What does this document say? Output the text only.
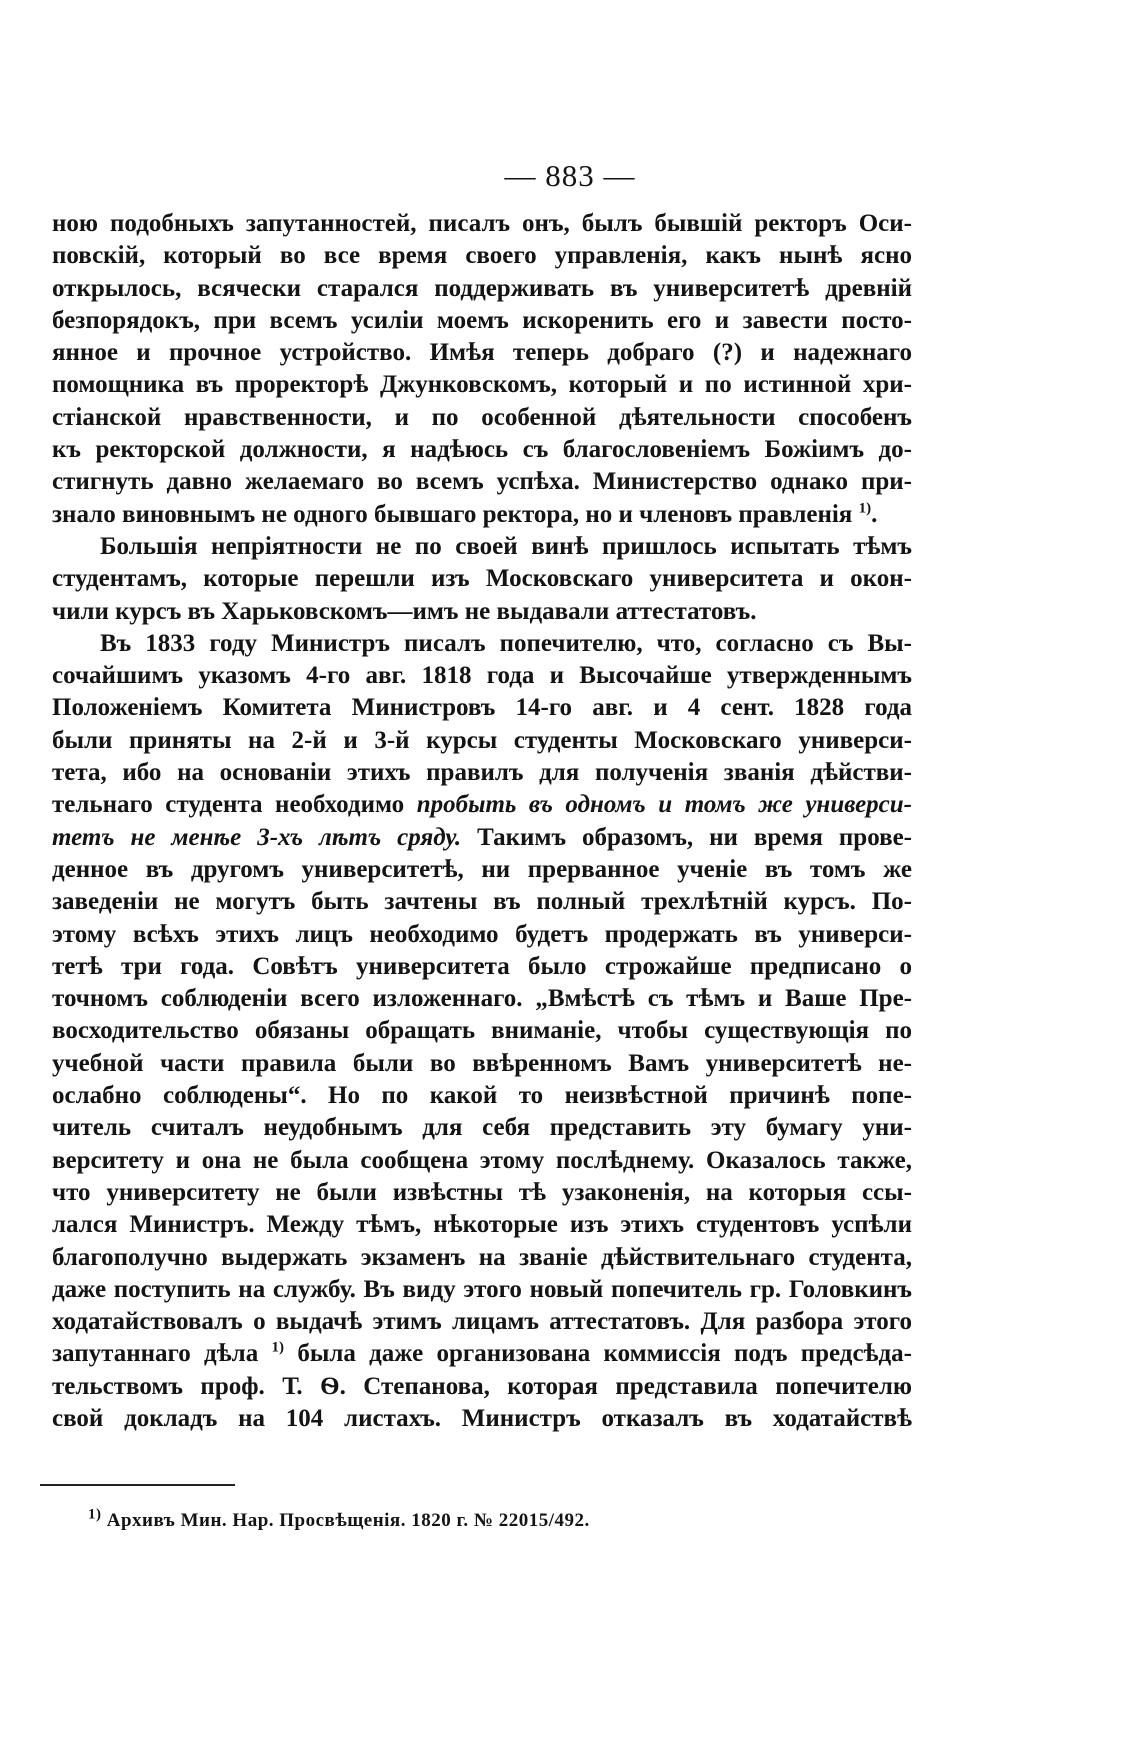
— 883 —
ною подобныхъ запутанностей, писалъ онъ, былъ бывшій ректоръ Оси-
повскій, который во все время своего управленія, какъ нынѣ ясно
открылось, всячески старался поддерживать въ университетѣ древній
безпорядокъ, при всемъ усиліи моемъ искоренить его и завести посто-
янное и прочное устройство. Имѣя теперь добраго (?) и надежнаго
помощника въ проректорѣ Джунковскомъ, который и по истинной хри-
стіанской нравственности, и по особенной дѣятельности способенъ
къ ректорской должности, я надѣюсь съ благословеніемъ Божіимъ до-
стигнуть давно желаемаго во всемъ успѣха. Министерство однако при-
знало виновнымъ не одного бывшаго ректора, но и членовъ правленія $^{1)}$.
Большія непріятности не по своей винѣ пришлось испытать тѣмъ
студентамъ, которые перешли изъ Московскаго университета и окон-
чили курсъ въ Харьковскомъ—имъ не выдавали аттестатовъ.
Въ 1833 году Министръ писалъ попечителю, что, согласно съ Вы-
сочайшимъ указомъ 4-го авг. 1818 года и Высочайше утвержденнымъ
Положеніемъ Комитета Министровъ 14-го авг. и 4 сент. 1828 года
были приняты на 2-й и 3-й курсы студенты Московскаго универси-
тета, ибо на основаніи этихъ правилъ для полученія званія дѣйстви-
тельнаго студента необходимо пробыть въ одномъ и томъ же универси-
тетъ не менѣе 3-хъ лѣтъ сряду. Такимъ образомъ, ни время прове-
денное въ другомъ университетѣ, ни прерванное ученіе въ томъ же
заведеніи не могутъ быть зачтены въ полный трехлѣтній курсъ. По-
этому всѣхъ этихъ лицъ необходимо будетъ продержать въ универси-
тетѣ три года. Совѣтъ университета было строжайше предписано о
точномъ соблюденіи всего изложеннаго. „Вмѣстѣ съ тѣмъ и Ваше Пре-
восходительство обязаны обращать вниманіе, чтобы существующія по
учебной части правила были во ввѣренномъ Вамъ университетѣ не-
ослабно соблюдены“. Но по какой то неизвѣстной причинѣ попе-
читель считалъ неудобнымъ для себя представить эту бумагу уни-
верситету и она не была сообщена этому послѣднему. Оказалось также,
что университету не были извѣстны тѣ узаконенія, на которыя ссы-
лался Министръ. Между тѣмъ, нѣкоторые изъ этихъ студентовъ успѣли
благополучно выдержать экзаменъ на званіе дѣйствительнаго студента,
даже поступить на службу. Въ виду этого новый попечитель гр. Головкинъ
ходатайствовалъ о выдачѣ этимъ лицамъ аттестатовъ. Для разбора этого
запутаннаго дѣла $^{1)}$ была даже организована коммиссія подъ предсѣда-
тельствомъ проф. Т. Ѳ. Степанова, которая представила попечителю
свой докладъ на 104 листахъ. Министръ отказалъ въ ходатайствѣ
$^{1)}$ Архивъ Мин. Нар. Просвѣщенія. 1820 г. № 22015/492.
